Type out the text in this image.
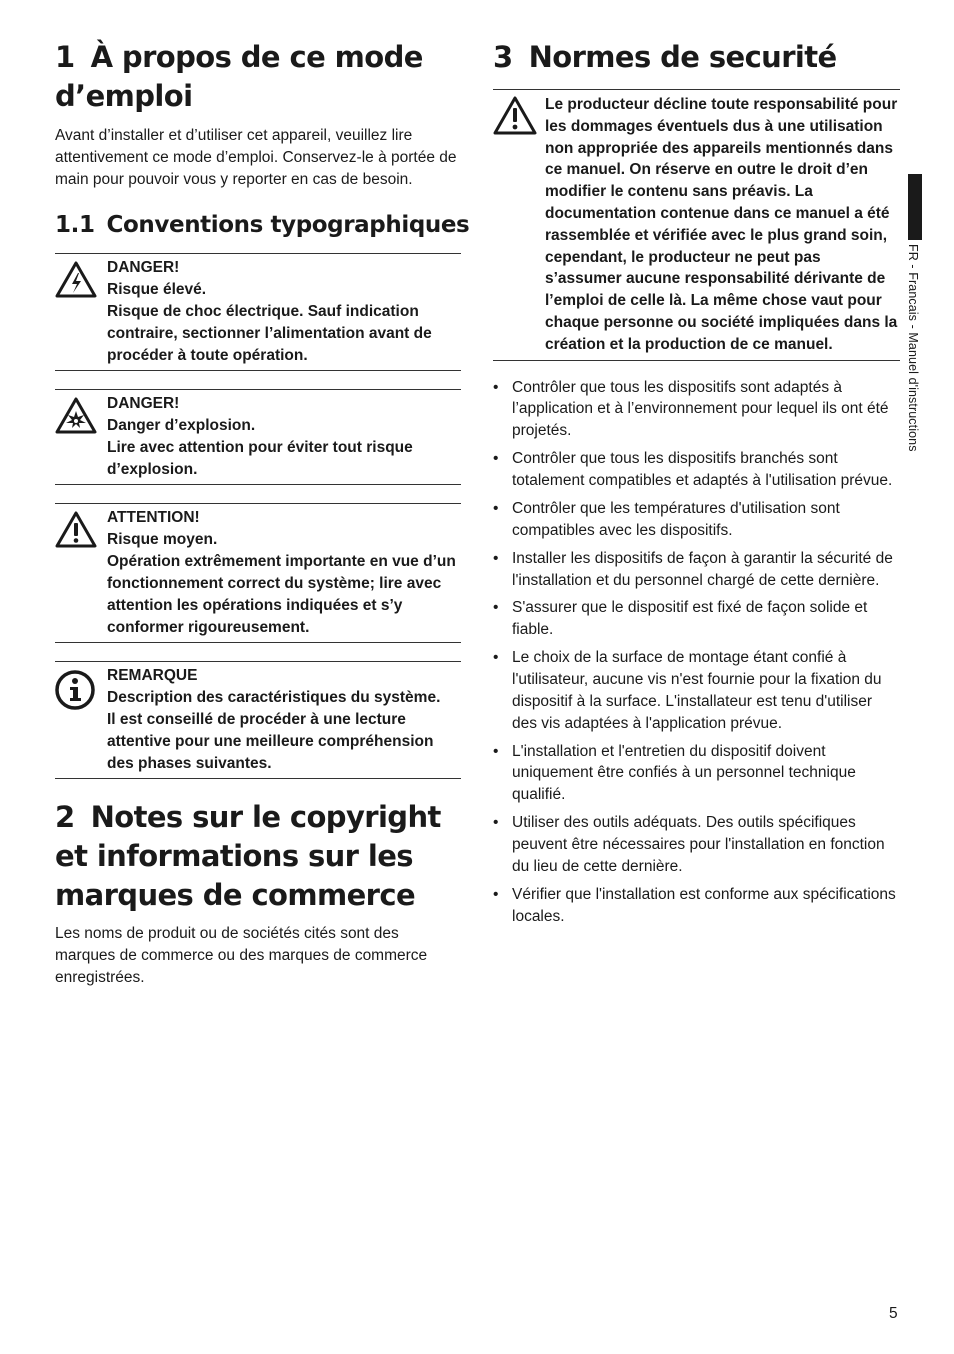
1 À propos de ce mode
d’emploi

Avant d’installer et d’utiliser cet appareil, veuillez lire attentivement ce mode d’emploi. Conservez-le à portée de main pour pouvoir vous y reporter en cas de besoin.

1.1 Conventions typographiques
DANGER!
Risque élevé.
Risque de choc électrique. Sauf indication contraire, sectionner l’alimentation avant de procéder à toute opération.
DANGER!
Danger d’explosion.
Lire avec attention pour éviter tout risque d’explosion.
ATTENTION!
Risque moyen.
Opération extrêmement importante en vue d’un fonctionnement correct du système; lire avec attention les opérations indiquées et s’y conformer rigoureusement.
REMARQUE
Description des caractéristiques du système.
Il est conseillé de procéder à une lecture attentive pour une meilleure compréhension des phases suivantes.
2 Notes sur le copyright
et informations sur les
marques de commerce

Les noms de produit ou de sociétés cités sont des marques de commerce ou des marques de commerce enregistrées.

3 Normes de securité
Le producteur décline toute responsabilité pour les dommages éventuels dus à une utilisation non appropriée des appareils mentionnés dans ce manuel. On réserve en outre le droit d’en modifier le contenu sans préavis. La documentation contenue dans ce manuel a été rassemblée et vérifiée avec le plus grand soin, cependant, le producteur ne peut pas s’assumer aucune responsabilité dérivante de l’emploi de celle là. La même chose vaut pour chaque personne ou société impliquées dans la création et la production de ce manuel.
• Contrôler que tous les dispositifs sont adaptés à l’application et à l’environnement pour lequel ils ont été projetés.
• Contrôler que tous les dispositifs branchés sont totalement compatibles et adaptés à l'utilisation prévue.
• Contrôler que les températures d'utilisation sont compatibles avec les dispositifs.
• Installer les dispositifs de façon à garantir la sécurité de l'installation et du personnel chargé de cette dernière.
• S'assurer que le dispositif est fixé de façon solide et fiable.
• Le choix de la surface de montage étant confié à l'utilisateur, aucune vis n'est fournie pour la fixation du dispositif à la surface. L'installateur est tenu d'utiliser des vis adaptées à l'application prévue.
• L'installation et l'entretien du dispositif doivent uniquement être confiés à un personnel technique qualifié.
• Utiliser des outils adéquats. Des outils spécifiques peuvent être nécessaires pour l'installation en fonction du lieu de cette dernière.
• Vérifier que l'installation est conforme aux spécifications locales.
FR - Francais - Manuel d'instructions
5
